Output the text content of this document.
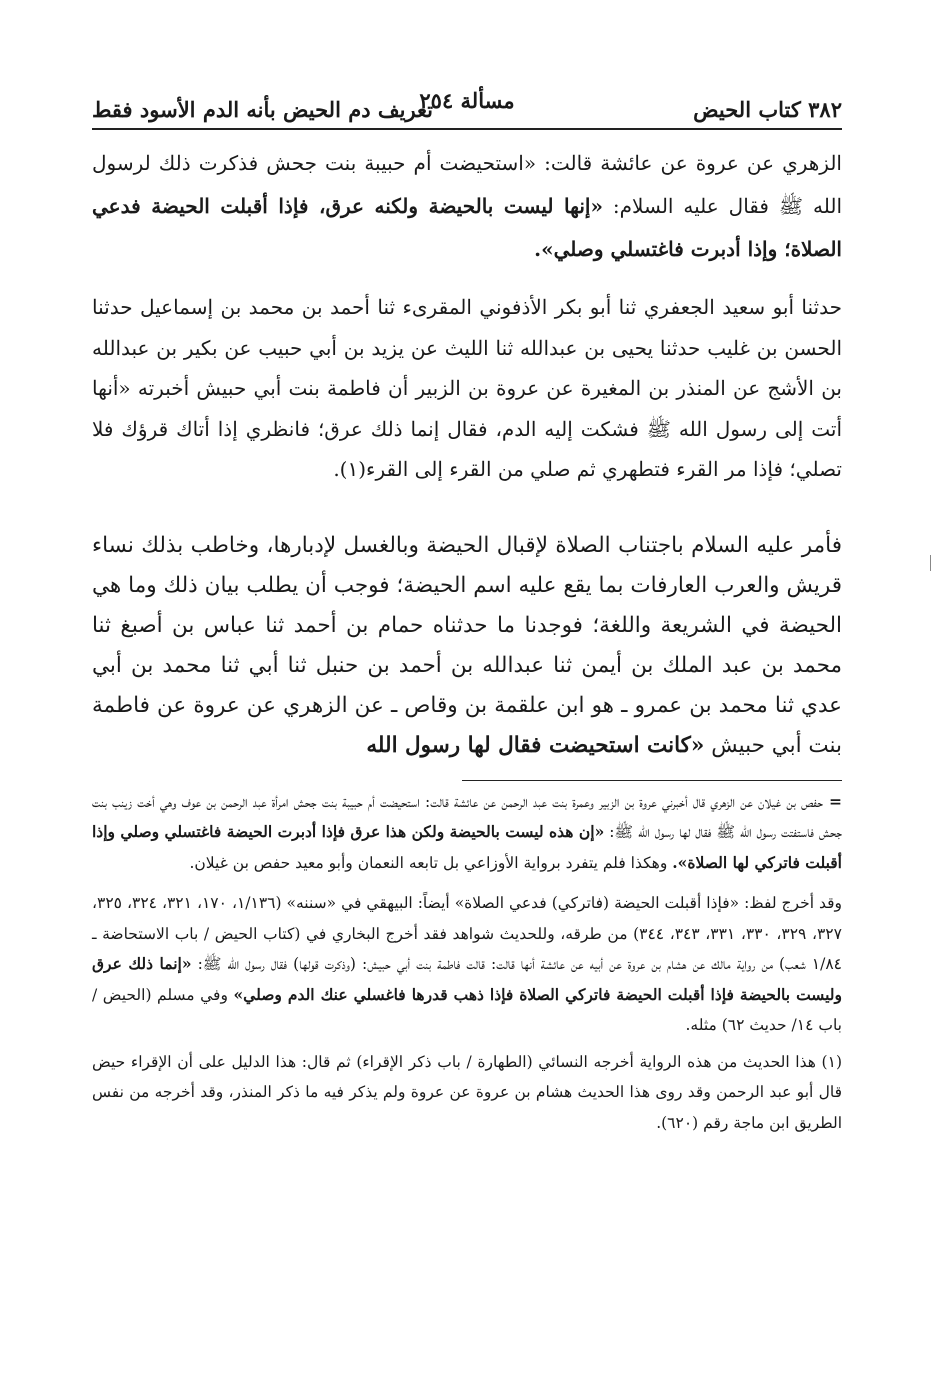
٣٨٢ كتاب الحيض
مسألة ٢٥٤
تعريف دم الحيض بأنه الدم الأسود فقط

الزهري عن عروة عن عائشة قالت: «استحيضت أم حبيبة بنت جحش فذكرت ذلك لرسول الله ﷺ فقال عليه السلام: «إنها ليست بالحيضة ولكنه عرق، فإذا أقبلت الحيضة فدعي الصلاة؛ وإذا أدبرت فاغتسلي وصلي».

حدثنا أبو سعيد الجعفري ثنا أبو بكر الأذفوني المقرىء ثنا أحمد بن محمد بن إسماعيل حدثنا الحسن بن غليب حدثنا يحيى بن عبدالله ثنا الليث عن يزيد بن أبي حبيب عن بكير بن عبدالله بن الأشج عن المنذر بن المغيرة عن عروة بن الزبير أن فاطمة بنت أبي حبيش أخبرته «أنها أتت إلى رسول الله ﷺ فشكت إليه الدم، فقال إنما ذلك عرق؛ فانظري إذا أتاك قرؤك فلا تصلي؛ فإذا مر القرء فتطهري ثم صلي من القرء إلى القرء(١).

فأمر عليه السلام باجتناب الصلاة لإقبال الحيضة وبالغسل لإدبارها، وخاطب بذلك نساء قريش والعرب العارفات بما يقع عليه اسم الحيضة؛ فوجب أن يطلب بيان ذلك وما هي الحيضة في الشريعة واللغة؛ فوجدنا ما حدثناه حمام بن أحمد ثنا عباس بن أصبغ ثنا محمد بن عبد الملك بن أيمن ثنا عبدالله بن أحمد بن حنبل ثنا أبي ثنا محمد بن أبي عدي ثنا محمد بن عمرو ـ هو ابن علقمة بن وقاص ـ عن الزهري عن عروة عن فاطمة بنت أبي حبيش «كانت استحيضت فقال لها رسول الله

=حفص بن غيلان عن الزهري قال أخبرني عروة بن الزبير وعمرة بنت عبد الرحمن عن عائشة قالت: استحيضت أم حبيبة بنت جحش امرأة عبد الرحمن بن عوف وهي أخت زينب بنت جحش فاستفتت رسول الله ﷺ فقال لها رسول الله ﷺ: «إن هذه ليست بالحيضة ولكن هذا عرق فإذا أدبرت الحيضة فاغتسلي وصلي وإذا أقبلت فاتركي لها الصلاة». وهكذا فلم يتفرد برواية الأوزاعي بل تابعه النعمان وأبو معيد حفص بن غيلان.

وقد أخرج لفظ: «فإذا أقبلت الحيضة (فاتركي) فدعي الصلاة» أيضاً: البيهقي في «سننه» (١/١٣٦، ١٧٠، ٣٢١، ٣٢٤، ٣٢٥، ٣٢٧، ٣٢٩، ٣٣٠، ٣٣١، ٣٤٣، ٣٤٤) من طرقه، وللحديث شواهد فقد أخرج البخاري في (كتاب الحيض / باب الاستحاضة ـ ١/٨٤ شعب) من رواية مالك عن هشام بن عروة عن أبيه عن عائشة أنها قالت: قالت فاطمة بنت أبي حبيش: (وذكرت قولها) فقال رسول الله ﷺ: «إنما ذلك عرق وليست بالحيضة فإذا أقبلت الحيضة فاتركي الصلاة فإذا ذهب قدرها فاغسلي عنك الدم وصلي» وفي مسلم (الحيض / باب ١٤/ حديث ٦٢) مثله.

(١) هذا الحديث من هذه الرواية أخرجه النسائي (الطهارة / باب ذكر الإقراء) ثم قال: هذا الدليل على أن الإقراء حيض قال أبو عبد الرحمن وقد روى هذا الحديث هشام بن عروة عن عروة ولم يذكر فيه ما ذكر المنذر، وقد أخرجه من نفس الطريق ابن ماجة رقم (٦٢٠).
